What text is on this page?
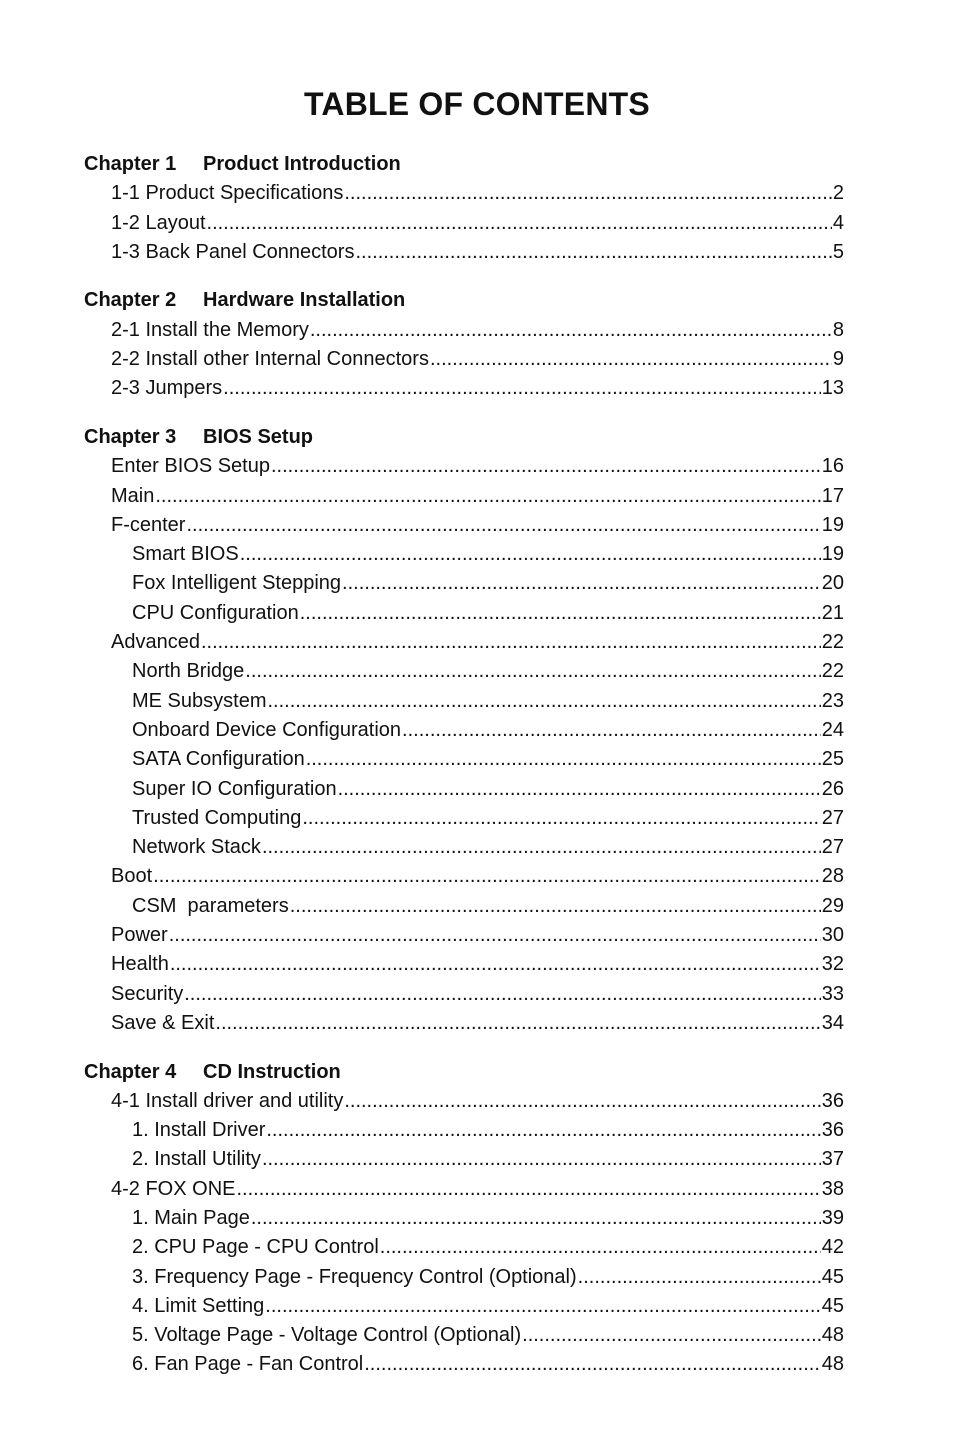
TABLE OF CONTENTS
Chapter 1 Product Introduction
1-1 Product Specifications .....	2
1-2 Layout .....	4
1-3 Back Panel Connectors .....	5
Chapter 2 Hardware Installation
2-1 Install the Memory .....	8
2-2 Install other Internal Connectors .....	9
2-3 Jumpers .....	13
Chapter 3 BIOS Setup
Enter BIOS Setup .....	16
Main .....	17
F-center .....	19
Smart BIOS .....	19
Fox Intelligent Stepping .....	20
CPU Configuration .....	21
Advanced .....	22
North Bridge .....	22
ME Subsystem .....	23
Onboard Device Configuration .....	24
SATA Configuration .....	25
Super IO Configuration .....	26
Trusted Computing .....	27
Network Stack .....	27
Boot .....	28
CSM  parameters .....	29
Power .....	30
Health .....	32
Security .....	33
Save & Exit .....	34
Chapter 4 CD Instruction
4-1 Install driver and utility .....	36
1. Install Driver .....	36
2. Install Utility .....	37
4-2 FOX ONE .....	38
1. Main Page .....	39
2. CPU Page - CPU Control .....	42
3. Frequency Page - Frequency Control (Optional) .....	45
4. Limit Setting .....	45
5. Voltage Page - Voltage Control (Optional) .....	48
6. Fan Page - Fan Control .....	48
